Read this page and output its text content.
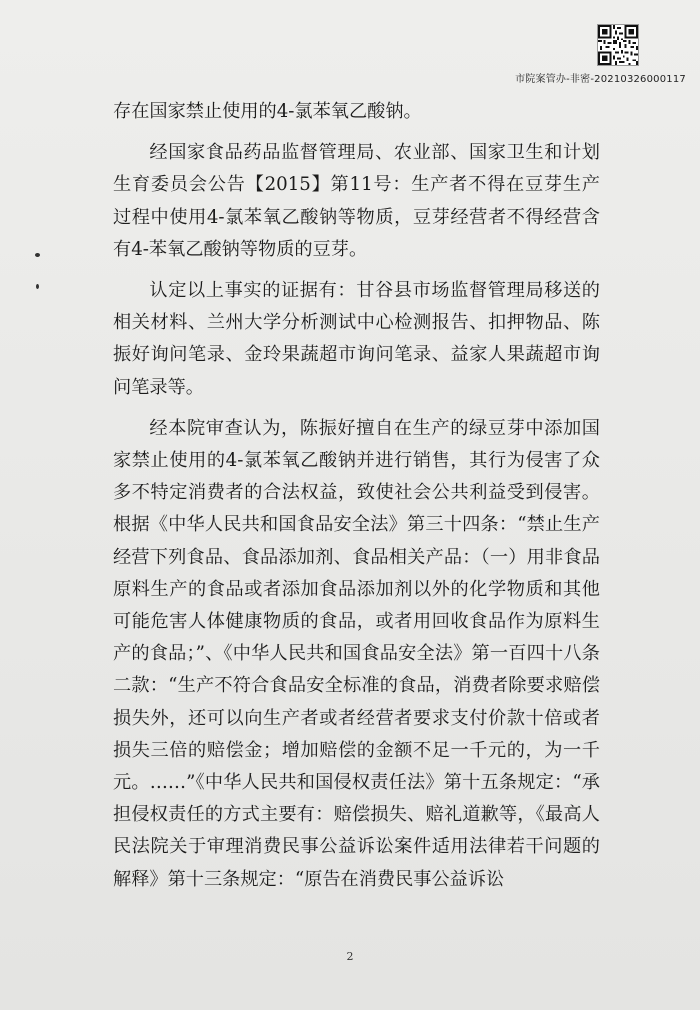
市院案管办-非密-20210326000117

存在国家禁止使用的4-氯苯氧乙酸钠。

经国家食品药品监督管理局、农业部、国家卫生和计划生育委员会公告【2015】第11号：生产者不得在豆芽生产过程中使用4-氯苯氧乙酸钠等物质，豆芽经营者不得经营含有4-苯氧乙酸钠等物质的豆芽。

认定以上事实的证据有：甘谷县市场监督管理局移送的相关材料、兰州大学分析测试中心检测报告、扣押物品、陈振好询问笔录、金玲果蔬超市询问笔录、益家人果蔬超市询问笔录等。

经本院审查认为，陈振好擅自在生产的绿豆芽中添加国家禁止使用的4-氯苯氧乙酸钠并进行销售，其行为侵害了众多不特定消费者的合法权益，致使社会公共利益受到侵害。根据《中华人民共和国食品安全法》第三十四条：“禁止生产经营下列食品、食品添加剂、食品相关产品：（一）用非食品原料生产的食品或者添加食品添加剂以外的化学物质和其他可能危害人体健康物质的食品，或者用回收食品作为原料生产的食品；”、《中华人民共和国食品安全法》第一百四十八条二款：“生产不符合食品安全标准的食品，消费者除要求赔偿损失外，还可以向生产者或者经营者要求支付价款十倍或者损失三倍的赔偿金；增加赔偿的金额不足一千元的，为一千元。……”《中华人民共和国侵权责任法》第十五条规定：“承担侵权责任的方式主要有：赔偿损失、赔礼道歉等，《最高人民法院关于审理消费民事公益诉讼案件适用法律若干问题的解释》第十三条规定：“原告在消费民事公益诉讼

2
